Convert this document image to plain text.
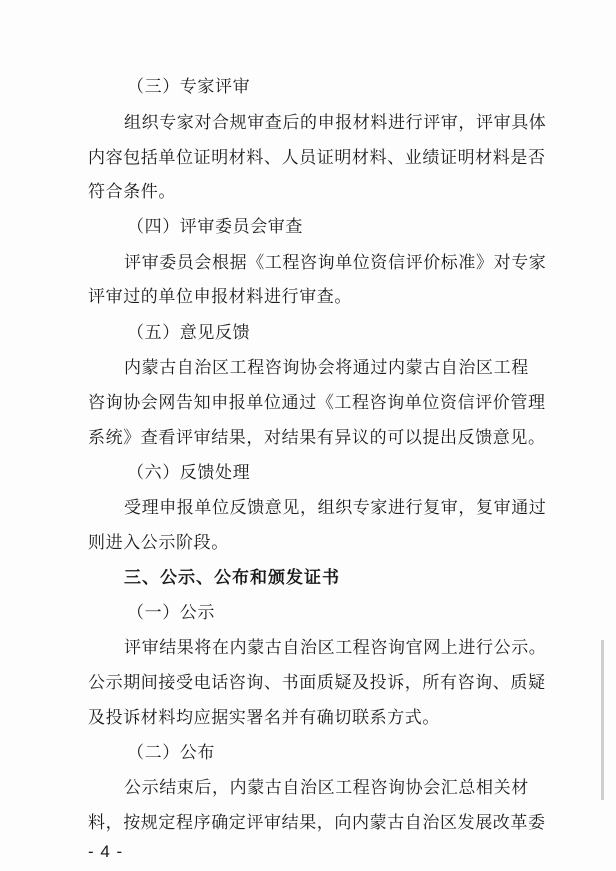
（三）专家评审
组织专家对合规审查后的申报材料进行评审，评审具体
内容包括单位证明材料、人员证明材料、业绩证明材料是否
符合条件。
（四）评审委员会审查
评审委员会根据《工程咨询单位资信评价标准》对专家
评审过的单位申报材料进行审查。
（五）意见反馈
内蒙古自治区工程咨询协会将通过内蒙古自治区工程
咨询协会网告知申报单位通过《工程咨询单位资信评价管理
系统》查看评审结果，对结果有异议的可以提出反馈意见。
（六）反馈处理
受理申报单位反馈意见，组织专家进行复审，复审通过
则进入公示阶段。
三、公示、公布和颁发证书
（一）公示
评审结果将在内蒙古自治区工程咨询官网上进行公示。
公示期间接受电话咨询、书面质疑及投诉，所有咨询、质疑
及投诉材料均应据实署名并有确切联系方式。
（二）公布
公示结束后，内蒙古自治区工程咨询协会汇总相关材
料，按规定程序确定评审结果，向内蒙古自治区发展改革委
- 4 -
